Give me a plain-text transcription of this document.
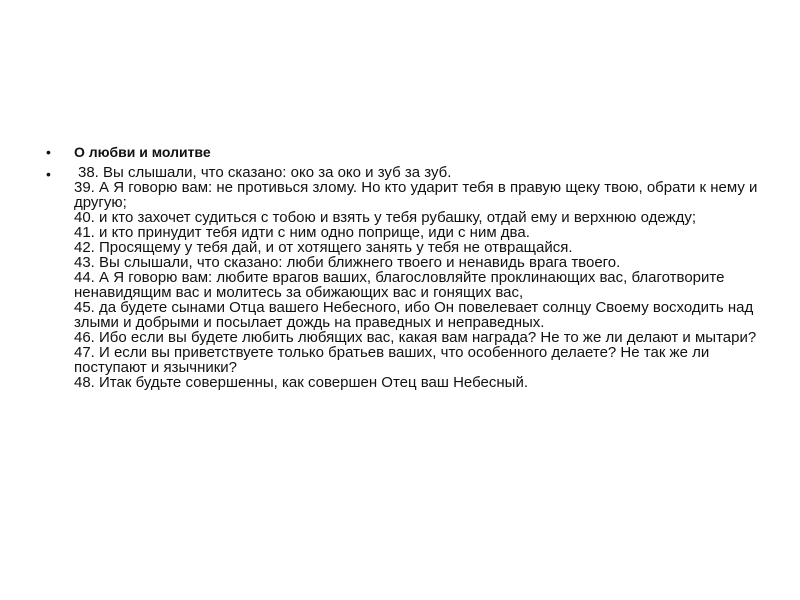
• О любви и молитве
• 38. Вы слышали, что сказано: око за око и зуб за зуб.
39. А Я говорю вам: не противься злому. Но кто ударит тебя в правую щеку твою, обрати к нему и другую;
40. и кто захочет судиться с тобою и взять у тебя рубашку, отдай ему и верхнюю одежду;
41. и кто принудит тебя идти с ним одно поприще, иди с ним два.
42. Просящему у тебя дай, и от хотящего занять у тебя не отвращайся.
43. Вы слышали, что сказано: люби ближнего твоего и ненавидь врага твоего.
44. А Я говорю вам: любите врагов ваших, благословляйте проклинающих вас, благотворите ненавидящим вас и молитесь за обижающих вас и гонящих вас,
45. да будете сынами Отца вашего Небесного, ибо Он повелевает солнцу Своему восходить над злыми и добрыми и посылает дождь на праведных и неправедных.
46. Ибо если вы будете любить любящих вас, какая вам награда? Не то же ли делают и мытари?
47. И если вы приветствуете только братьев ваших, что особенного делаете? Не так же ли поступают и язычники?
48. Итак будьте совершенны, как совершен Отец ваш Небесный.
